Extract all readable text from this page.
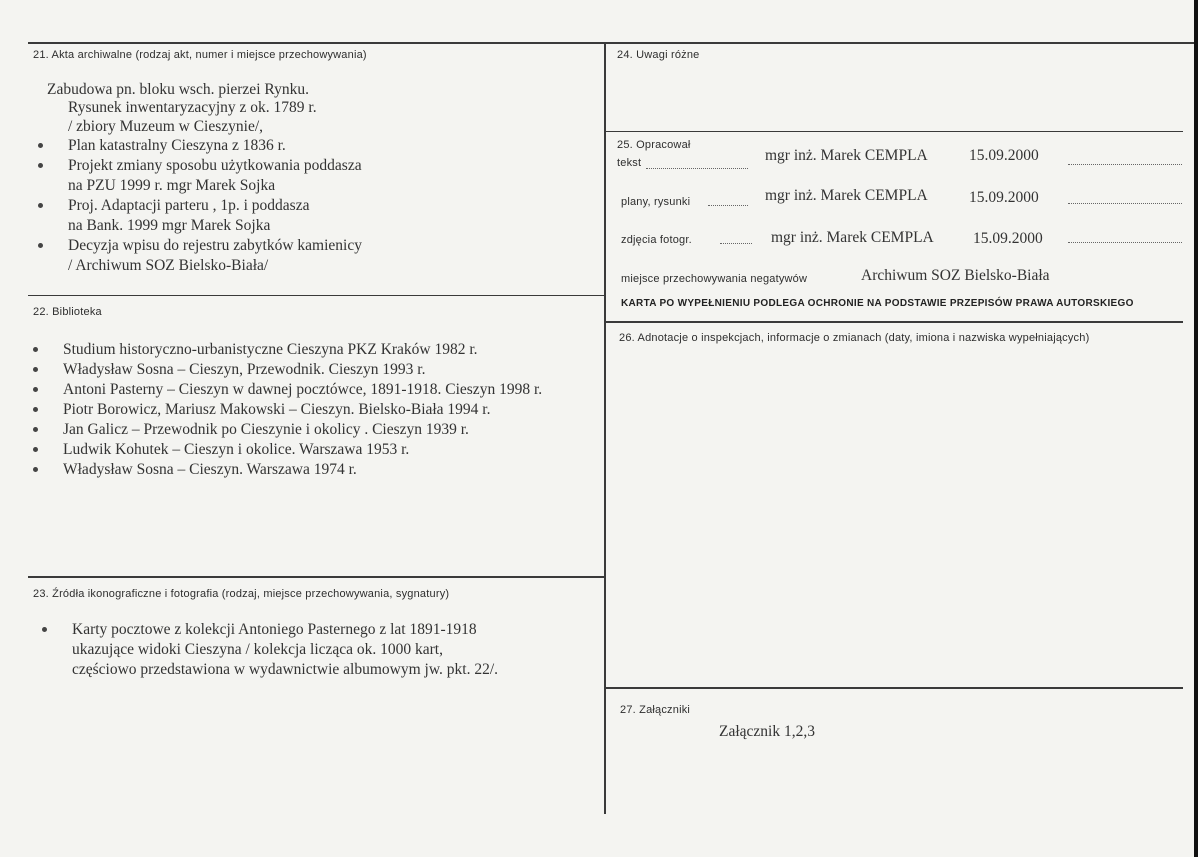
21. Akta archiwalne (rodzaj akt, numer i miejsce przechowywania)
Zabudowa pn. bloku wsch. pierzei Rynku.
Rysunek inwentaryzacyjny z ok. 1789 r.
/ zbiory Muzeum w Cieszynie/,
Plan katastralny Cieszyna z 1836 r.
Projekt zmiany sposobu użytkowania poddasza
na PZU 1999 r. mgr Marek Sojka
Proj. Adaptacji parteru , 1p. i poddasza
na Bank. 1999 mgr Marek Sojka
Decyzja wpisu do rejestru zabytków kamienicy
/ Archiwum SOZ Bielsko-Biała/
22. Biblioteka
Studium historyczno-urbanistyczne Cieszyna PKZ Kraków 1982 r.
Władysław Sosna – Cieszyn, Przewodnik. Cieszyn 1993 r.
Antoni Pasterny – Cieszyn w dawnej pocztówce, 1891-1918. Cieszyn 1998 r.
Piotr Borowicz, Mariusz Makowski – Cieszyn. Bielsko-Biała 1994 r.
Jan Galicz – Przewodnik po Cieszynie i okolicy . Cieszyn 1939 r.
Ludwik Kohutek – Cieszyn i okolice. Warszawa 1953 r.
Władysław Sosna – Cieszyn. Warszawa 1974 r.
23. Źródła ikonograficzne i fotografia (rodzaj, miejsce przechowywania, sygnatury)
Karty pocztowe z kolekcji Antoniego Pasternego z lat 1891-1918
ukazujące widoki Cieszyna / kolekcja licząca ok. 1000 kart,
częściowo przedstawiona w wydawnictwie albumowym jw. pkt. 22/.
24. Uwagi różne
25. Opracował
tekst	mgr inż. Marek CEMPLA	15.09.2000
plany, rysunki	mgr inż. Marek CEMPLA	15.09.2000
zdjęcia fotogr.	mgr inż. Marek CEMPLA	15.09.2000
miejsce przechowywania negatywów	Archiwum SOZ Bielsko-Biała
KARTA PO WYPEŁNIENIU PODLEGA OCHRONIE NA PODSTAWIE PRZEPISÓW PRAWA AUTORSKIEGO
26. Adnotacje o inspekcjach, informacje o zmianach (daty, imiona i nazwiska wypełniających)
27. Załączniki
Załącznik 1,2,3
